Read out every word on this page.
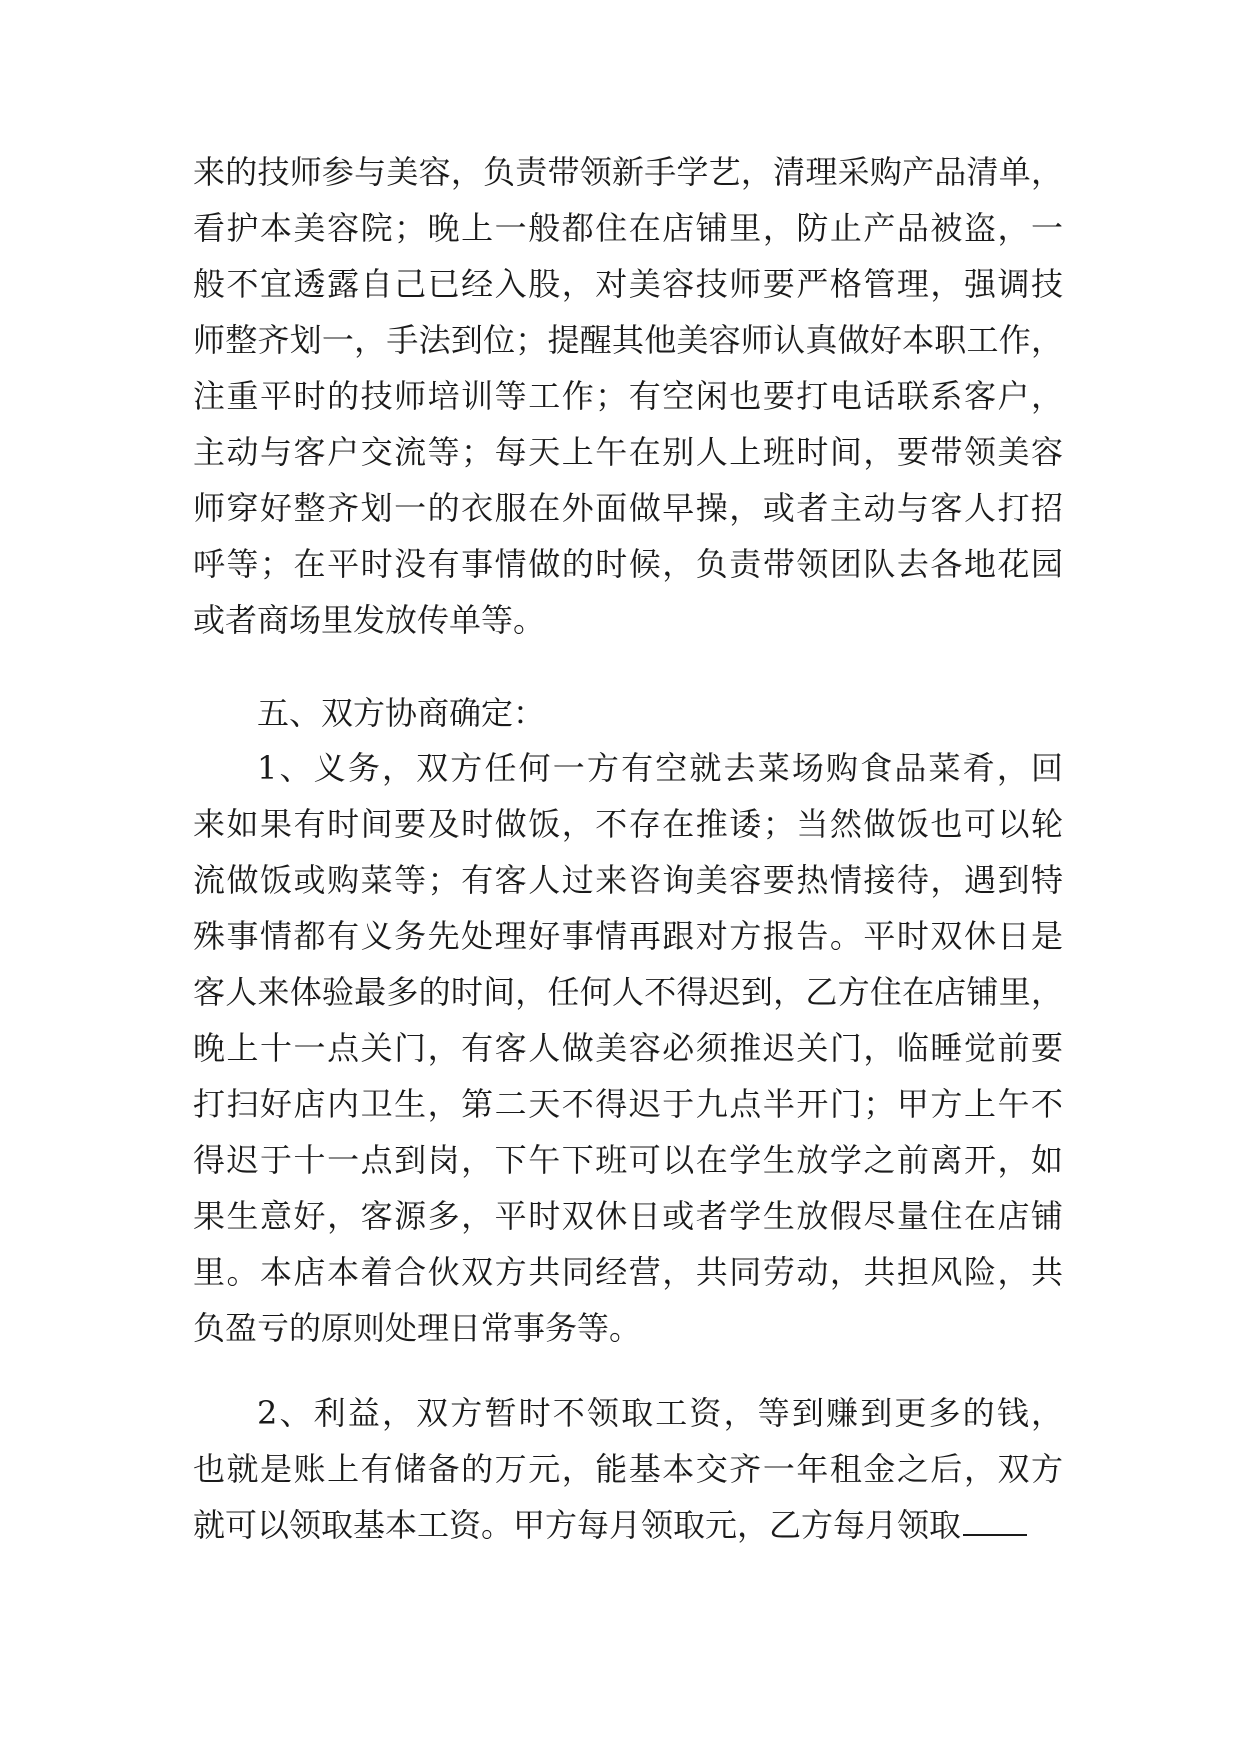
来的技师参与美容，负责带领新手学艺，清理采购产品清单，
看护本美容院；晚上一般都住在店铺里，防止产品被盗，一
般不宜透露自己已经入股，对美容技师要严格管理，强调技
师整齐划一，手法到位；提醒其他美容师认真做好本职工作，
注重平时的技师培训等工作；有空闲也要打电话联系客户，
主动与客户交流等；每天上午在别人上班时间，要带领美容
师穿好整齐划一的衣服在外面做早操，或者主动与客人打招
呼等；在平时没有事情做的时候，负责带领团队去各地花园
或者商场里发放传单等。
五、双方协商确定：
1、义务，双方任何一方有空就去菜场购食品菜肴，回
来如果有时间要及时做饭，不存在推诿；当然做饭也可以轮
流做饭或购菜等；有客人过来咨询美容要热情接待，遇到特
殊事情都有义务先处理好事情再跟对方报告。平时双休日是
客人来体验最多的时间，任何人不得迟到，乙方住在店铺里，
晚上十一点关门，有客人做美容必须推迟关门，临睡觉前要
打扫好店内卫生，第二天不得迟于九点半开门；甲方上午不
得迟于十一点到岗，下午下班可以在学生放学之前离开，如
果生意好，客源多，平时双休日或者学生放假尽量住在店铺
里。本店本着合伙双方共同经营，共同劳动，共担风险，共
负盈亏的原则处理日常事务等。
2、利益，双方暂时不领取工资，等到赚到更多的钱，
也就是账上有储备的万元，能基本交齐一年租金之后，双方
就可以领取基本工资。甲方每月领取元，乙方每月领取
